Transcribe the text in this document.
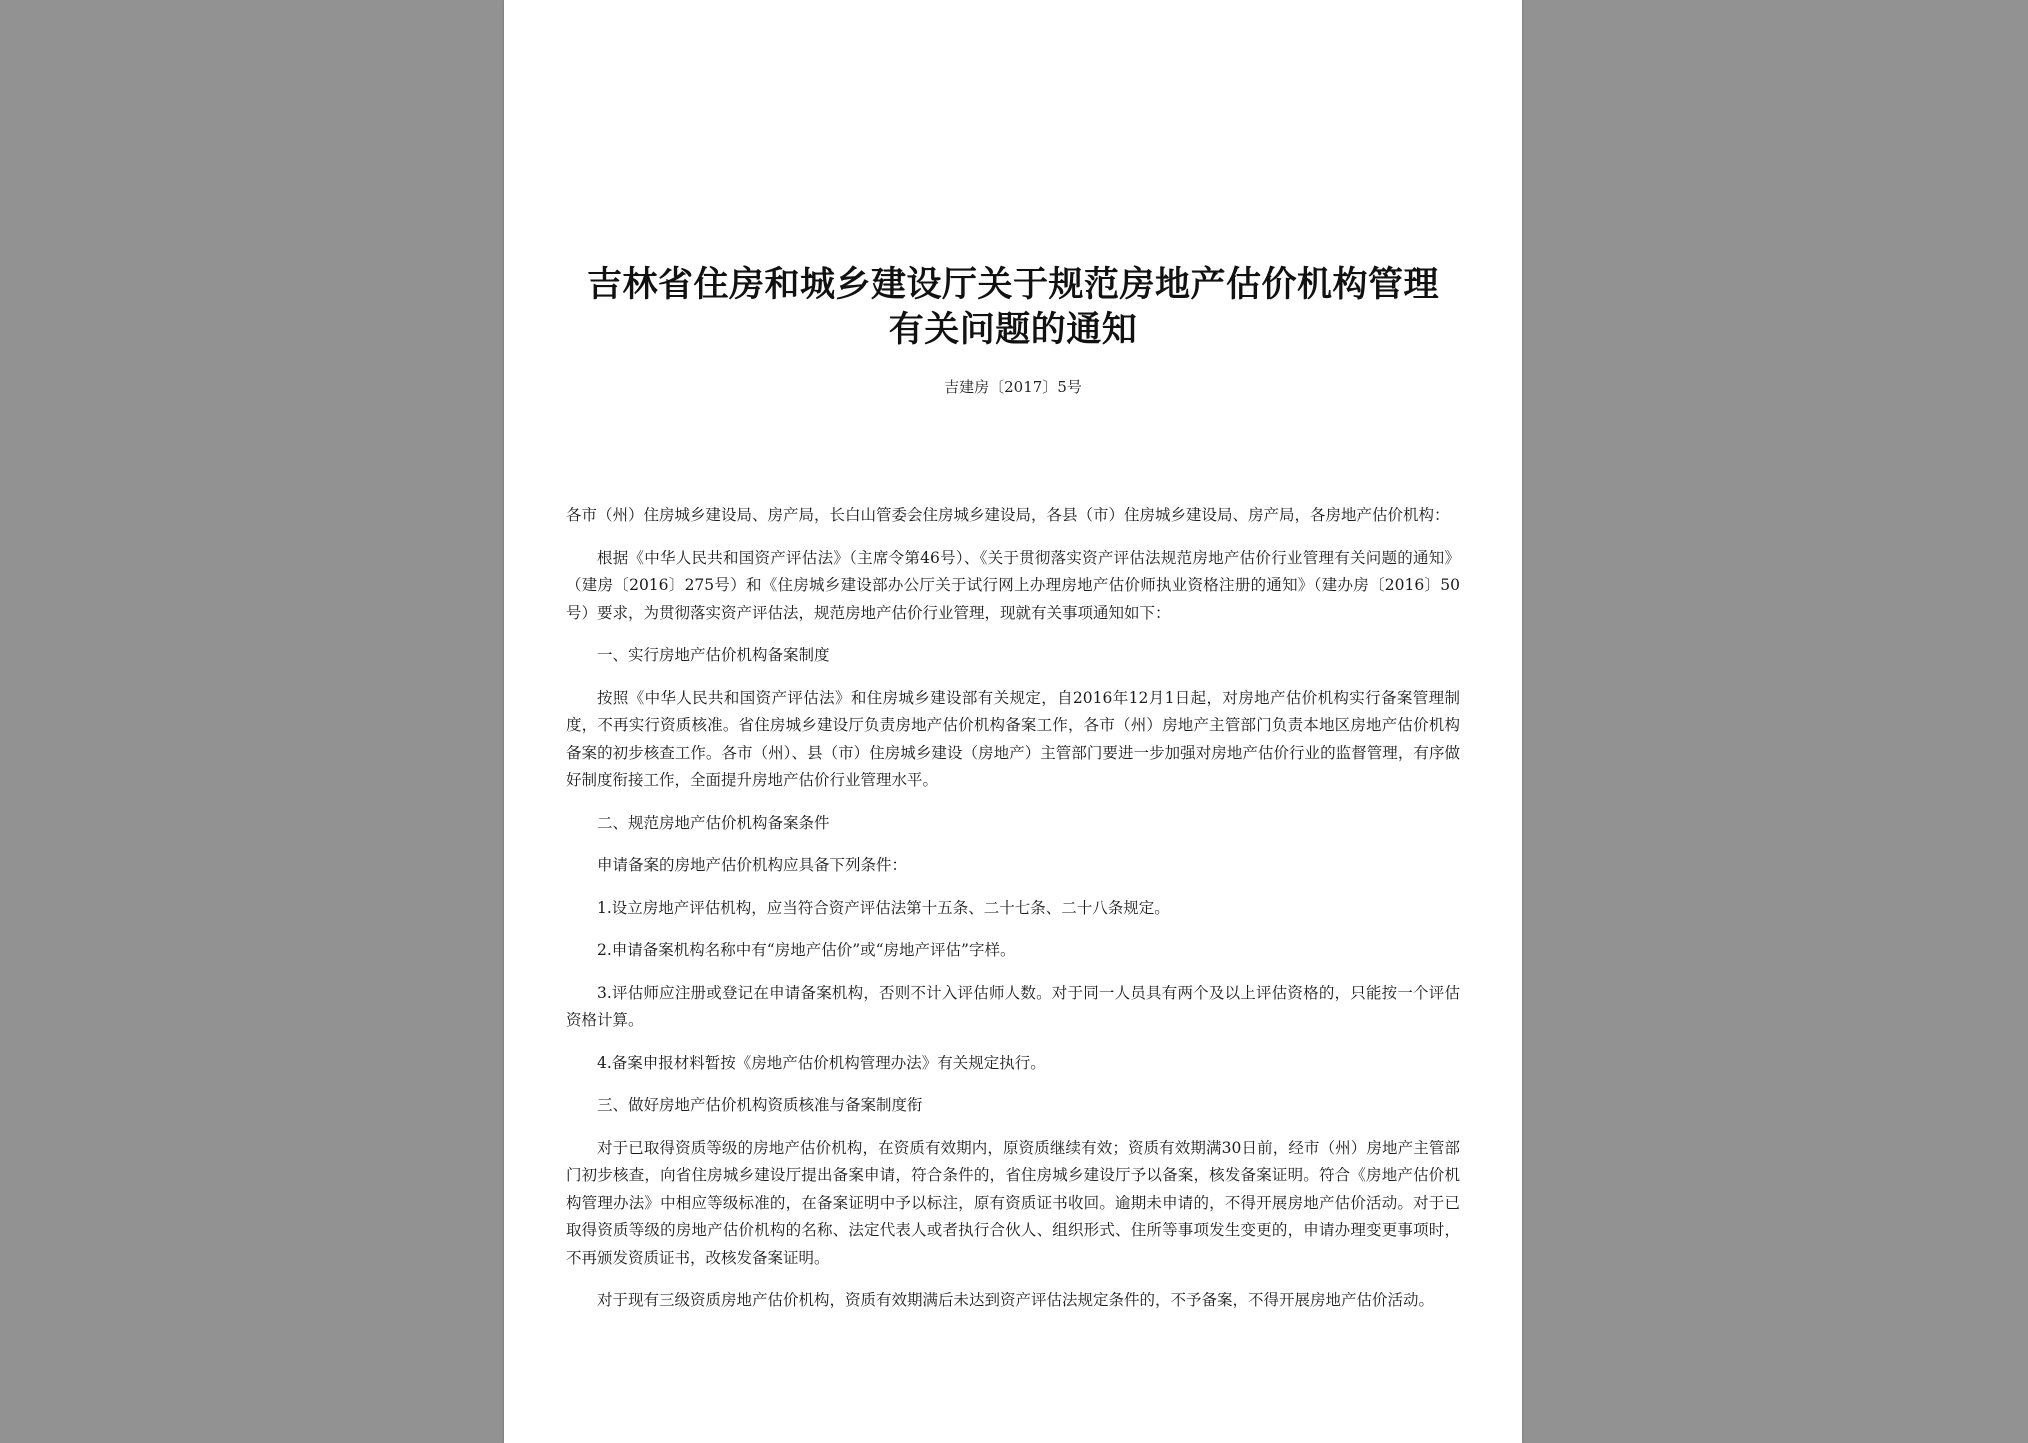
吉林省住房和城乡建设厅关于规范房地产估价机构管理
有关问题的通知
吉建房〔2017〕5号

各市（州）住房城乡建设局、房产局，长白山管委会住房城乡建设局，各县（市）住房城乡建设局、房产局，各房地产估价机构：

根据《中华人民共和国资产评估法》（主席令第46号）、《关于贯彻落实资产评估法规范房地产估价行业管理有关问题的通知》（建房〔2016〕275号）和《住房城乡建设部办公厅关于试行网上办理房地产估价师执业资格注册的通知》（建办房〔2016〕50号）要求，为贯彻落实资产评估法，规范房地产估价行业管理，现就有关事项通知如下：

一、实行房地产估价机构备案制度

按照《中华人民共和国资产评估法》和住房城乡建设部有关规定，自2016年12月1日起，对房地产估价机构实行备案管理制度，不再实行资质核准。省住房城乡建设厅负责房地产估价机构备案工作，各市（州）房地产主管部门负责本地区房地产估价机构备案的初步核查工作。各市（州）、县（市）住房城乡建设（房地产）主管部门要进一步加强对房地产估价行业的监督管理，有序做好制度衔接工作，全面提升房地产估价行业管理水平。

二、规范房地产估价机构备案条件

申请备案的房地产估价机构应具备下列条件：

1.设立房地产评估机构，应当符合资产评估法第十五条、二十七条、二十八条规定。

2.申请备案机构名称中有“房地产估价”或“房地产评估”字样。

3.评估师应注册或登记在申请备案机构，否则不计入评估师人数。对于同一人员具有两个及以上评估资格的，只能按一个评估资格计算。

4.备案申报材料暂按《房地产估价机构管理办法》有关规定执行。

三、做好房地产估价机构资质核准与备案制度衔

对于已取得资质等级的房地产估价机构，在资质有效期内，原资质继续有效；资质有效期满30日前，经市（州）房地产主管部门初步核查，向省住房城乡建设厅提出备案申请，符合条件的，省住房城乡建设厅予以备案，核发备案证明。符合《房地产估价机构管理办法》中相应等级标准的，在备案证明中予以标注，原有资质证书收回。逾期未申请的，不得开展房地产估价活动。对于已取得资质等级的房地产估价机构的名称、法定代表人或者执行合伙人、组织形式、住所等事项发生变更的，申请办理变更事项时，不再颁发资质证书，改核发备案证明。

对于现有三级资质房地产估价机构，资质有效期满后未达到资产评估法规定条件的，不予备案，不得开展房地产估价活动。
